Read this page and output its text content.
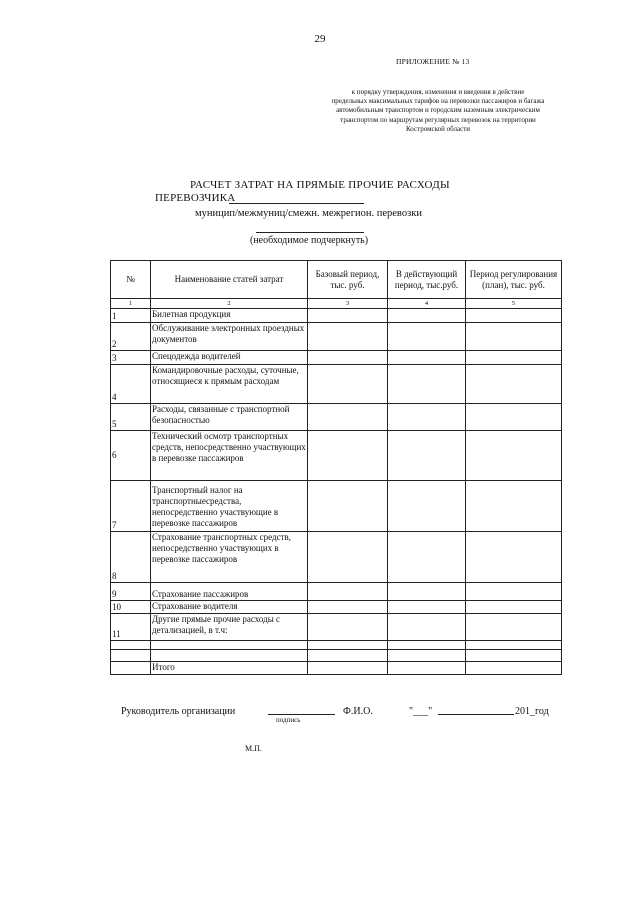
29
ПРИЛОЖЕНИЕ № 13
к порядку утверждения, изменения и введения в действие
предельных максимальных тарифов на перевозки пассажиров и багажа
автомобильным транспортом и городским наземным электрическим
транспортом по маршрутам регулярных перевозок на территории
Костромской области
РАСЧЕТ ЗАТРАТ НА ПРЯМЫЕ ПРОЧИЕ РАСХОДЫ
ПЕРЕВОЗЧИКА
муницип/межмуниц/смежн. межрегион. перевозки
(необходимое подчеркнуть)
№	Наименование статей затрат	Базовый период, тыс. руб.	В действующий период, тыс.руб.	Период регулирования (план), тыс. руб.
1	2	3	4	5
1	Билетная продукция			
2	Обслуживание электронных проездных документов			
3	Спецодежда водителей			
4	Командировочные расходы, суточные, относящиеся к прямым расходам			
5	Расходы, связанные с транспортной безопасностью			
6	Технический осмотр транспортных средств, непосредственно участвующих в перевозке пассажиров			
7	Транспортный налог на транспортныесредства, непосредственно участвующие в перевозке пассажиров			
8	Страхование транспортных средств, непосредственно участвующих в перевозке пассажиров			
9	Страхование пассажиров			
10	Страхование водителя			
11	Другие прямые прочие расходы с детализацией, в т.ч:			

	Итого			
Руководитель организации
подпись
Ф.И.О.	"___"	201_год
М.П.
